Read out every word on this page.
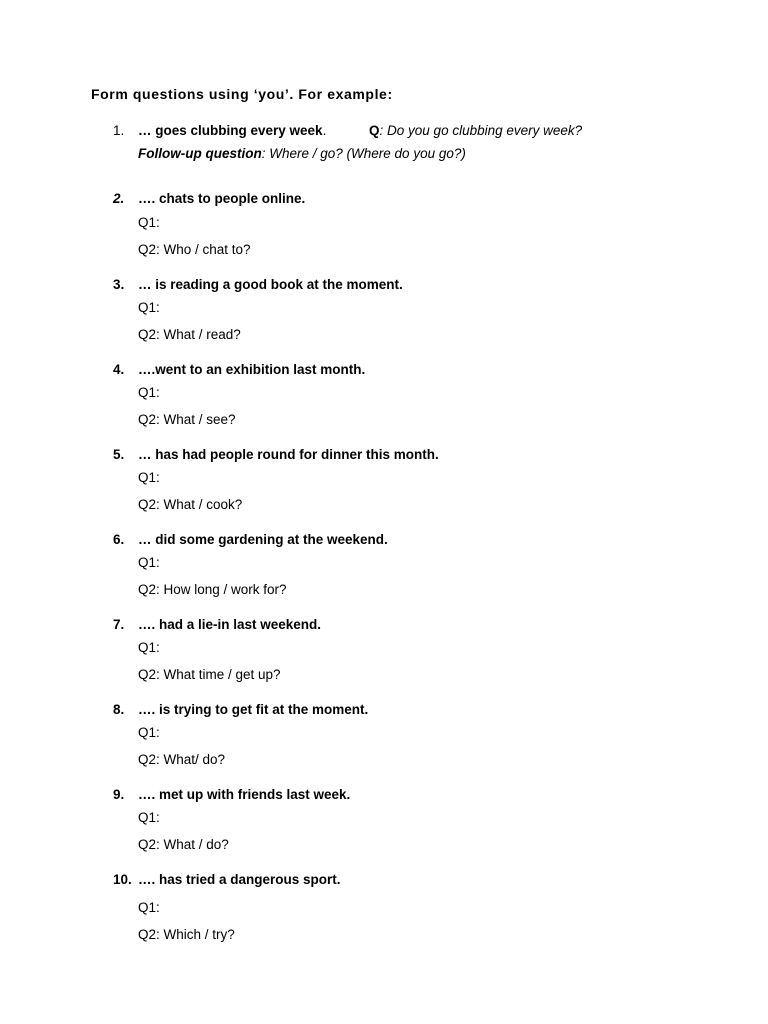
Form questions using ‘you’. For example:
1. … goes clubbing every week.	Q: Do you go clubbing every week?
Follow-up question: Where / go? (Where do you go?)
2. …. chats to people online.
Q1:
Q2: Who / chat to?
3. … is reading a good book at the moment.
Q1:
Q2: What / read?
4. ….went to an exhibition last month.
Q1:
Q2: What / see?
5. … has had people round for dinner this month.
Q1:
Q2: What / cook?
6. … did some gardening at the weekend.
Q1:
Q2: How long / work for?
7. …. had a lie-in last weekend.
Q1:
Q2: What time / get up?
8. …. is trying to get fit at the moment.
Q1:
Q2: What/ do?
9. …. met up with friends last week.
Q1:
Q2: What / do?
10. …. has tried a dangerous sport.
Q1:
Q2: Which / try?
